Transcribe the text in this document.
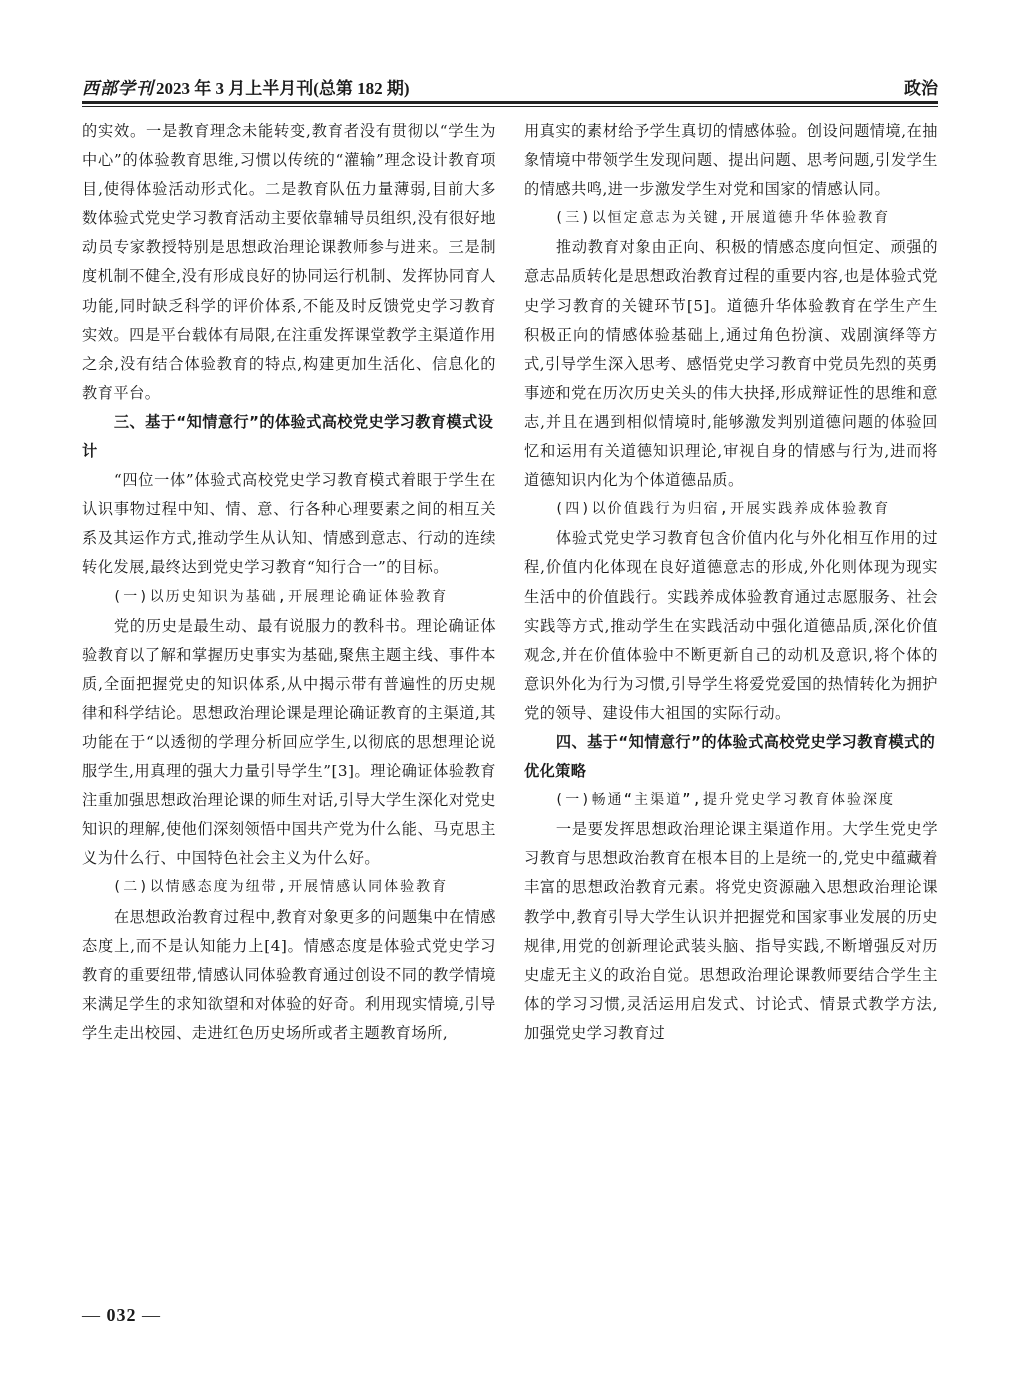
西部学刊 2023 年 3 月上半月刊(总第 182 期)	政治

的实效。一是教育理念未能转变,教育者没有贯彻以“学生为中心”的体验教育思维,习惯以传统的“灌输”理念设计教育项目,使得体验活动形式化。二是教育队伍力量薄弱,目前大多数体验式党史学习教育活动主要依靠辅导员组织,没有很好地动员专家教授特别是思想政治理论课教师参与进来。三是制度机制不健全,没有形成良好的协同运行机制、发挥协同育人功能,同时缺乏科学的评价体系,不能及时反馈党史学习教育实效。四是平台载体有局限,在注重发挥课堂教学主渠道作用之余,没有结合体验教育的特点,构建更加生活化、信息化的教育平台。

三、基于“知情意行”的体验式高校党史学习教育模式设计

“四位一体”体验式高校党史学习教育模式着眼于学生在认识事物过程中知、情、意、行各种心理要素之间的相互关系及其运作方式,推动学生从认知、情感到意志、行动的连续转化发展,最终达到党史学习教育“知行合一”的目标。

(一)以历史知识为基础,开展理论确证体验教育

党的历史是最生动、最有说服力的教科书。理论确证体验教育以了解和掌握历史事实为基础,聚焦主题主线、事件本质,全面把握党史的知识体系,从中揭示带有普遍性的历史规律和科学结论。思想政治理论课是理论确证教育的主渠道,其功能在于“以透彻的学理分析回应学生,以彻底的思想理论说服学生,用真理的强大力量引导学生”[3]。理论确证体验教育注重加强思想政治理论课的师生对话,引导大学生深化对党史知识的理解,使他们深刻领悟中国共产党为什么能、马克思主义为什么行、中国特色社会主义为什么好。

(二)以情感态度为纽带,开展情感认同体验教育

在思想政治教育过程中,教育对象更多的问题集中在情感态度上,而不是认知能力上[4]。情感态度是体验式党史学习教育的重要纽带,情感认同体验教育通过创设不同的教学情境来满足学生的求知欲望和对体验的好奇。利用现实情境,引导学生走出校园、走进红色历史场所或者主题教育场所,

用真实的素材给予学生真切的情感体验。创设问题情境,在抽象情境中带领学生发现问题、提出问题、思考问题,引发学生的情感共鸣,进一步激发学生对党和国家的情感认同。

(三)以恒定意志为关键,开展道德升华体验教育

推动教育对象由正向、积极的情感态度向恒定、顽强的意志品质转化是思想政治教育过程的重要内容,也是体验式党史学习教育的关键环节[5]。道德升华体验教育在学生产生积极正向的情感体验基础上,通过角色扮演、戏剧演绎等方式,引导学生深入思考、感悟党史学习教育中党员先烈的英勇事迹和党在历次历史关头的伟大抉择,形成辩证性的思维和意志,并且在遇到相似情境时,能够激发判别道德问题的体验回忆和运用有关道德知识理论,审视自身的情感与行为,进而将道德知识内化为个体道德品质。

(四)以价值践行为归宿,开展实践养成体验教育

体验式党史学习教育包含价值内化与外化相互作用的过程,价值内化体现在良好道德意志的形成,外化则体现为现实生活中的价值践行。实践养成体验教育通过志愿服务、社会实践等方式,推动学生在实践活动中强化道德品质,深化价值观念,并在价值体验中不断更新自己的动机及意识,将个体的意识外化为行为习惯,引导学生将爱党爱国的热情转化为拥护党的领导、建设伟大祖国的实际行动。

四、基于“知情意行”的体验式高校党史学习教育模式的优化策略

(一)畅通“主渠道”,提升党史学习教育体验深度

一是要发挥思想政治理论课主渠道作用。大学生党史学习教育与思想政治教育在根本目的上是统一的,党史中蕴藏着丰富的思想政治教育元素。将党史资源融入思想政治理论课教学中,教育引导大学生认识并把握党和国家事业发展的历史规律,用党的创新理论武装头脑、指导实践,不断增强反对历史虚无主义的政治自觉。思想政治理论课教师要结合学生主体的学习习惯,灵活运用启发式、讨论式、情景式教学方法,加强党史学习教育过

— 032 —
